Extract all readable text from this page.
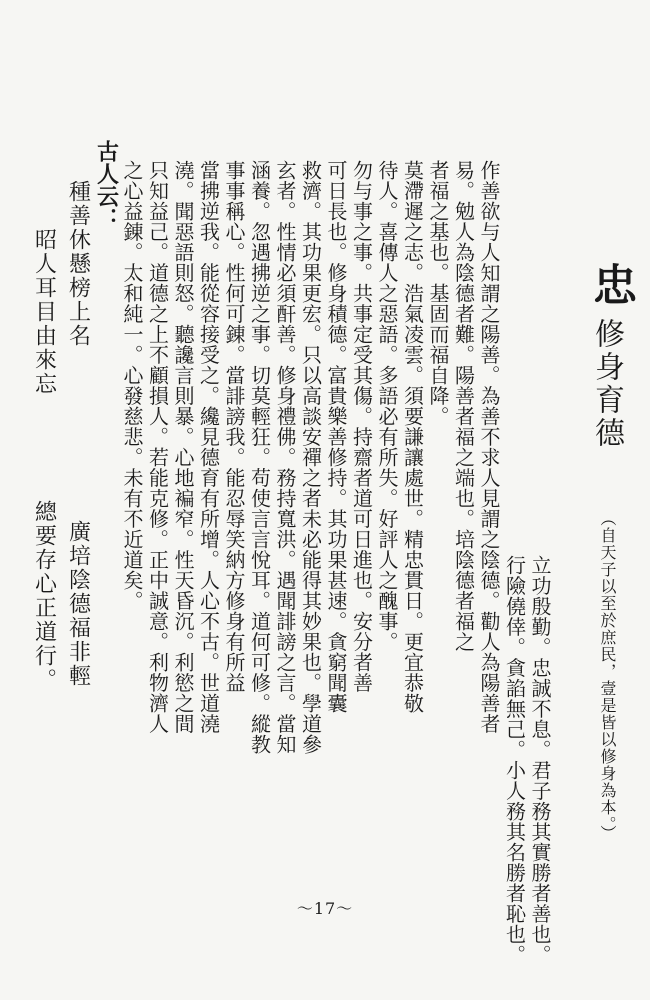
忠
修身育德
（自天子以至於庶民，壹是皆以修身為本。）
立功殷勤。忠誠不息。君子務其實勝者善也。
行險僥倖。貪諂無己。小人務其名勝者恥也。
作善欲与人知謂之陽善。為善不求人見謂之陰德。勸人為陽善者
易。勉人為陰德者難。陽善者福之端也。培陰德者福之
者福之基也。基固而福自降。
莫滯遲之志。浩氣凌雲。須要謙讓處世。精忠貫日。更宜恭敬
待人。喜傳人之惡語。多語必有所失。好評人之醜事。
勿与事之事。共事定受其傷。持齋者道可日進也。安分者善
可日長也。修身積德。富貴樂善修持。其功果甚速。貪窮聞囊
救濟。其功果更宏。只以高談安禪之者未必能得其妙果也。學道參
玄者。性情必須酐善。修身禮佛。務持寬洪。遇聞誹謗之言。當知
涵養。忽遇拂逆之事。切莫輕狂。苟使言言悅耳。道何可修。縱教
事事稱心。性何可錬。當誹謗我。能忍辱笑納方修身有所益
當拂逆我。能從容接受之。纔見德育有所增。人心不古。世道澆
澆。聞惡語則怒。聽讒言則暴。心地褊窄。性天昏沉。利慾之間
只知益己。道德之上不顧損人。若能克修。正中誠意。利物濟人
之心益錬。太和純一。心發慈悲。未有不近道矣。
古人云：
種善休懸榜上名
昭人耳目由來忘
廣培陰德福非輕
總要存心正道行。
～17～
